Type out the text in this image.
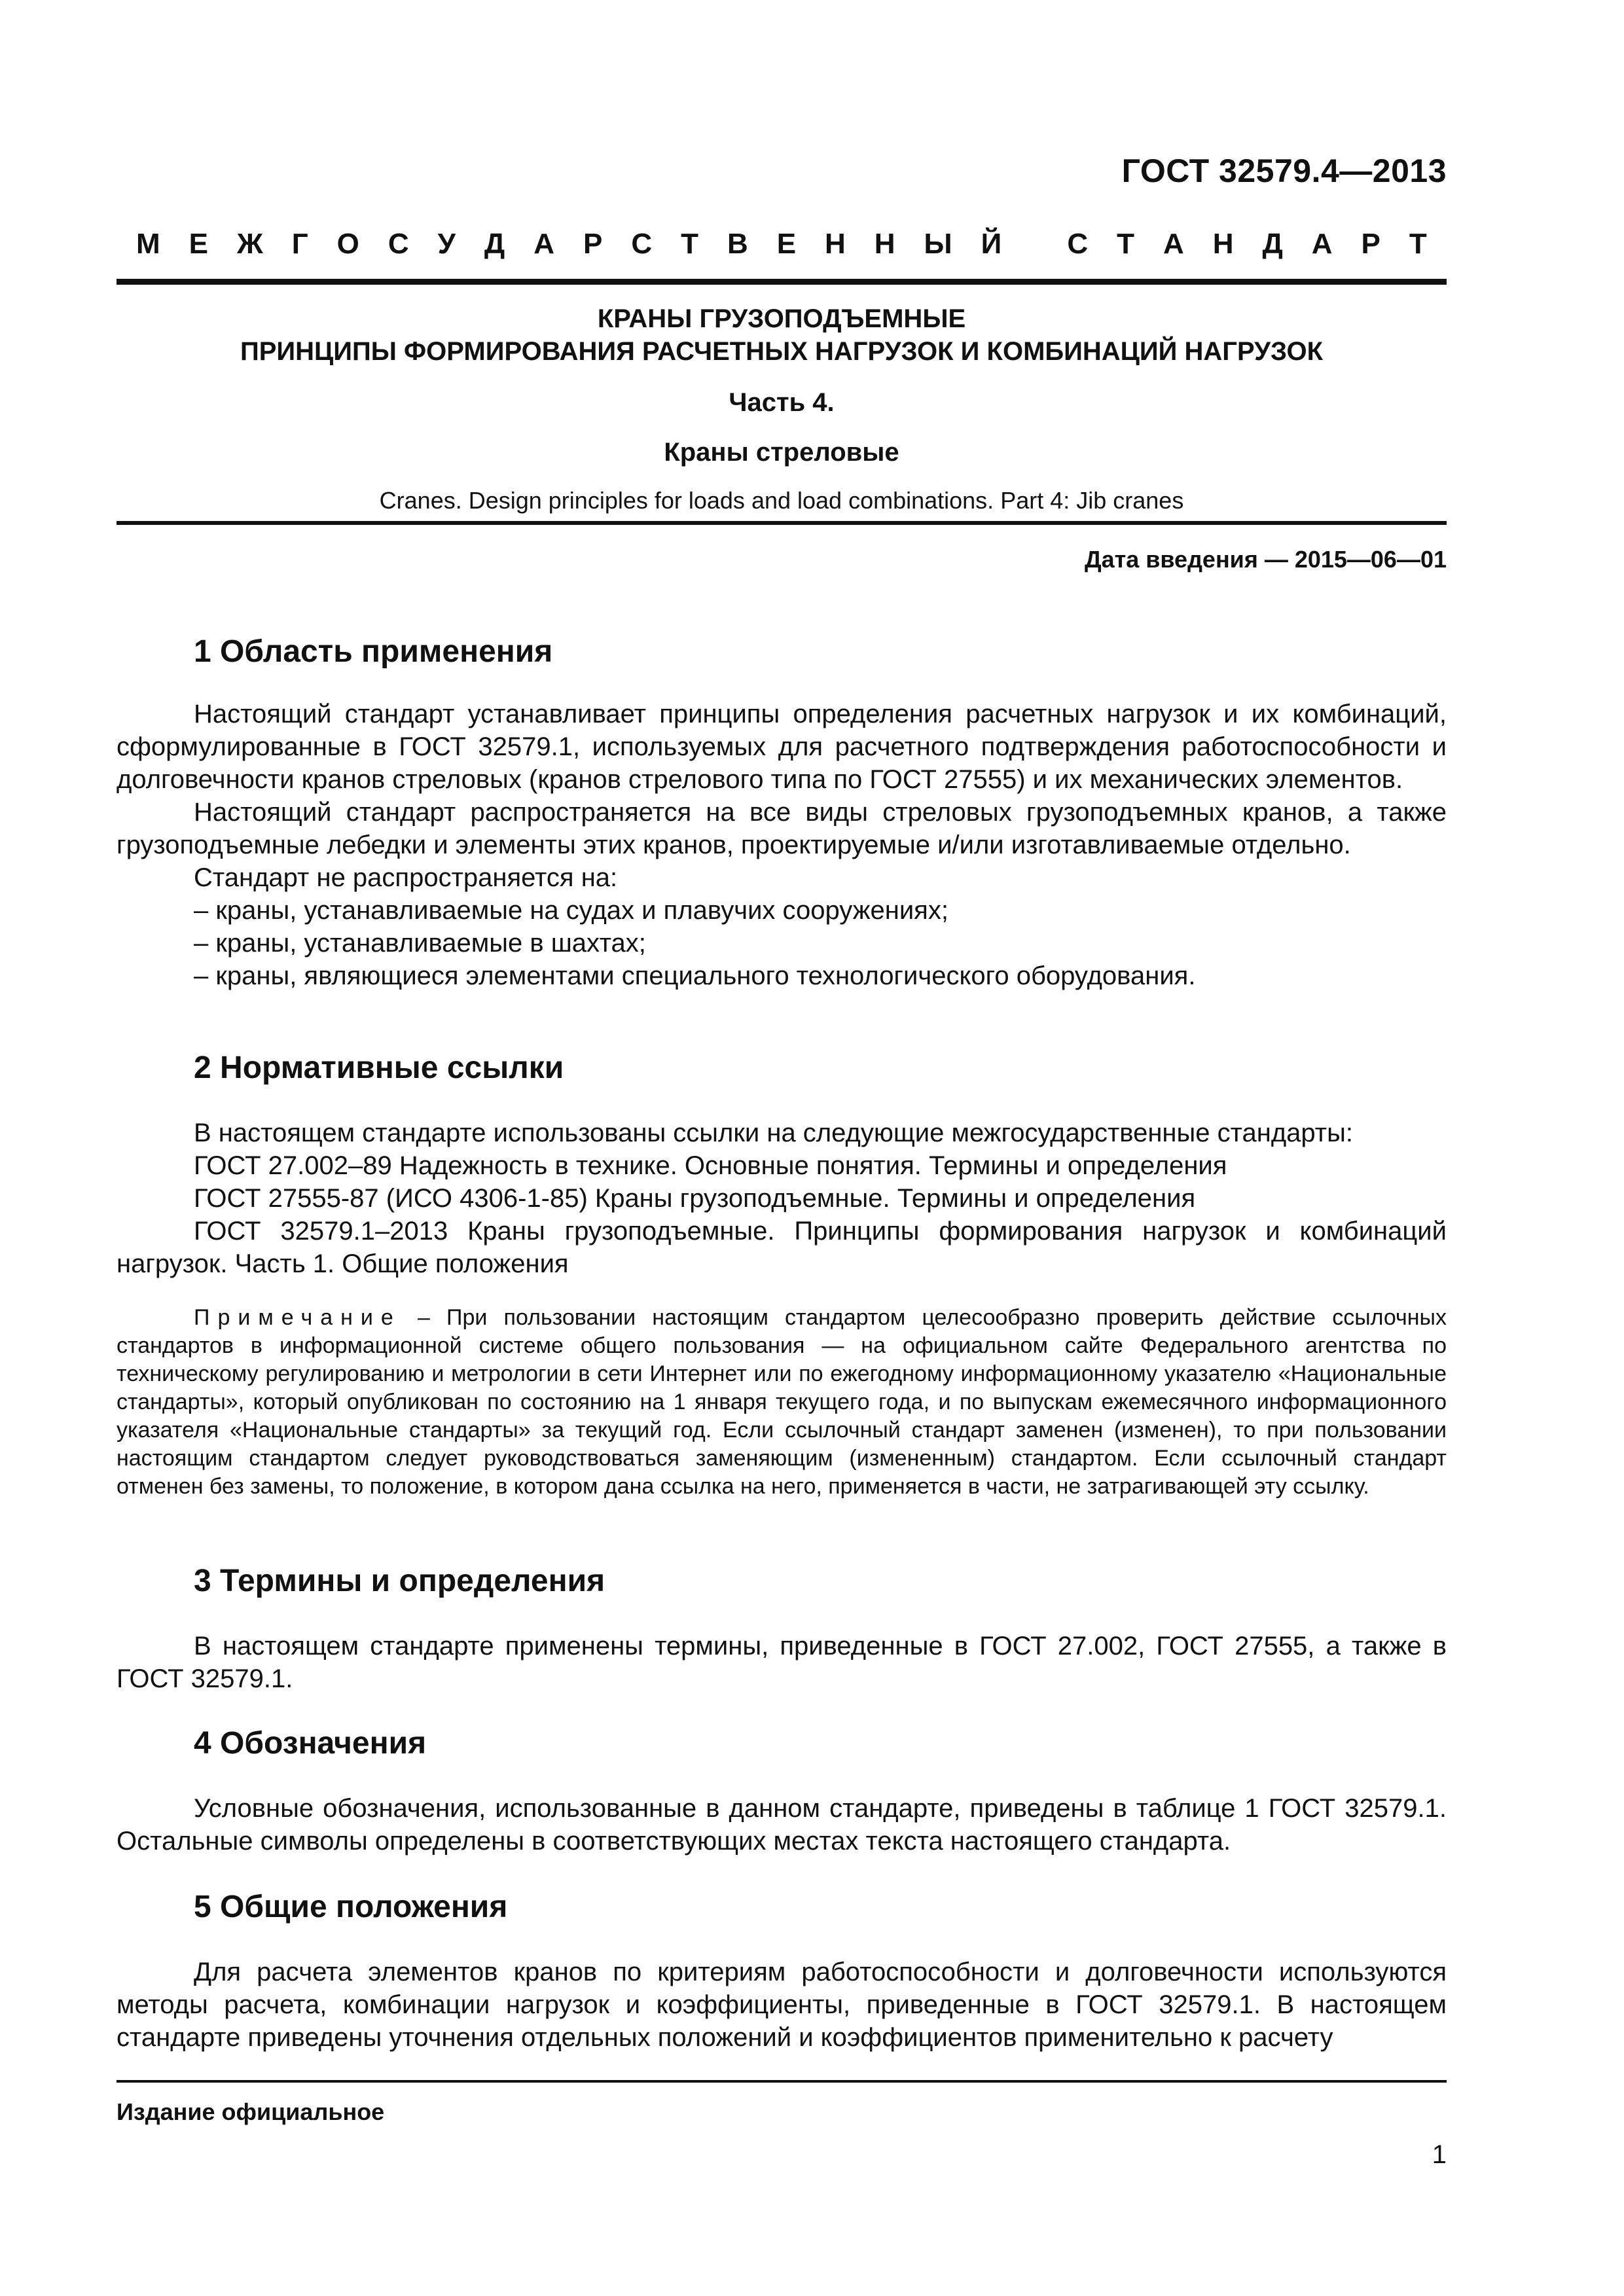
ГОСТ 32579.4—2013
М Е Ж Г О С У Д А Р С Т В Е Н Н Ы Й
С Т А Н Д А Р Т
КРАНЫ ГРУЗОПОДЪЕМНЫЕ
ПРИНЦИПЫ ФОРМИРОВАНИЯ РАСЧЕТНЫХ НАГРУЗОК И КОМБИНАЦИЙ НАГРУЗОК
Часть 4.
Краны стреловые
Cranes. Design principles for loads and load combinations. Part 4: Jib cranes
Дата введения — 2015—06—01
1 Область применения

Настоящий стандарт устанавливает принципы определения расчетных нагрузок и их комбинаций, сформулированные в ГОСТ 32579.1, используемых для расчетного подтверждения работоспособности и долговечности кранов стреловых (кранов стрелового типа по ГОСТ 27555) и их механических элементов.

Настоящий стандарт распространяется на все виды стреловых грузоподъемных кранов, а также грузоподъемные лебедки и элементы этих кранов, проектируемые и/или изготавливаемые отдельно.

Стандарт не распространяется на:

– краны, устанавливаемые на судах и плавучих сооружениях;

– краны, устанавливаемые в шахтах;

– краны, являющиеся элементами специального технологического оборудования.

2 Нормативные ссылки

В настоящем стандарте использованы ссылки на следующие межгосударственные стандарты:

ГОСТ 27.002–89 Надежность в технике. Основные понятия. Термины и определения

ГОСТ 27555-87 (ИСО 4306-1-85) Краны грузоподъемные. Термины и определения

ГОСТ 32579.1–2013 Краны грузоподъемные. Принципы формирования нагрузок и комбинаций нагрузок. Часть 1. Общие положения

Примечание – При пользовании настоящим стандартом целесообразно проверить действие ссылочных стандартов в информационной системе общего пользования — на официальном сайте Федерального агентства по техническому регулированию и метрологии в сети Интернет или по ежегодному информационному указателю «Национальные стандарты», который опубликован по состоянию на 1 января текущего года, и по выпускам ежемесячного информационного указателя «Национальные стандарты» за текущий год. Если ссылочный стандарт заменен (изменен), то при пользовании настоящим стандартом следует руководствоваться заменяющим (измененным) стандартом. Если ссылочный стандарт отменен без замены, то положение, в котором дана ссылка на него, применяется в части, не затрагивающей эту ссылку.

3 Термины и определения

В настоящем стандарте применены термины, приведенные в ГОСТ 27.002, ГОСТ 27555, а также в ГОСТ 32579.1.

4 Обозначения

Условные обозначения, использованные в данном стандарте, приведены в таблице 1 ГОСТ 32579.1. Остальные символы определены в соответствующих местах текста настоящего стандарта.

5 Общие положения

Для расчета элементов кранов по критериям работоспособности и долговечности используются методы расчета, комбинации нагрузок и коэффициенты, приведенные в ГОСТ 32579.1. В настоящем стандарте приведены уточнения отдельных положений и коэффициентов применительно к расчету

Издание официальное
1
